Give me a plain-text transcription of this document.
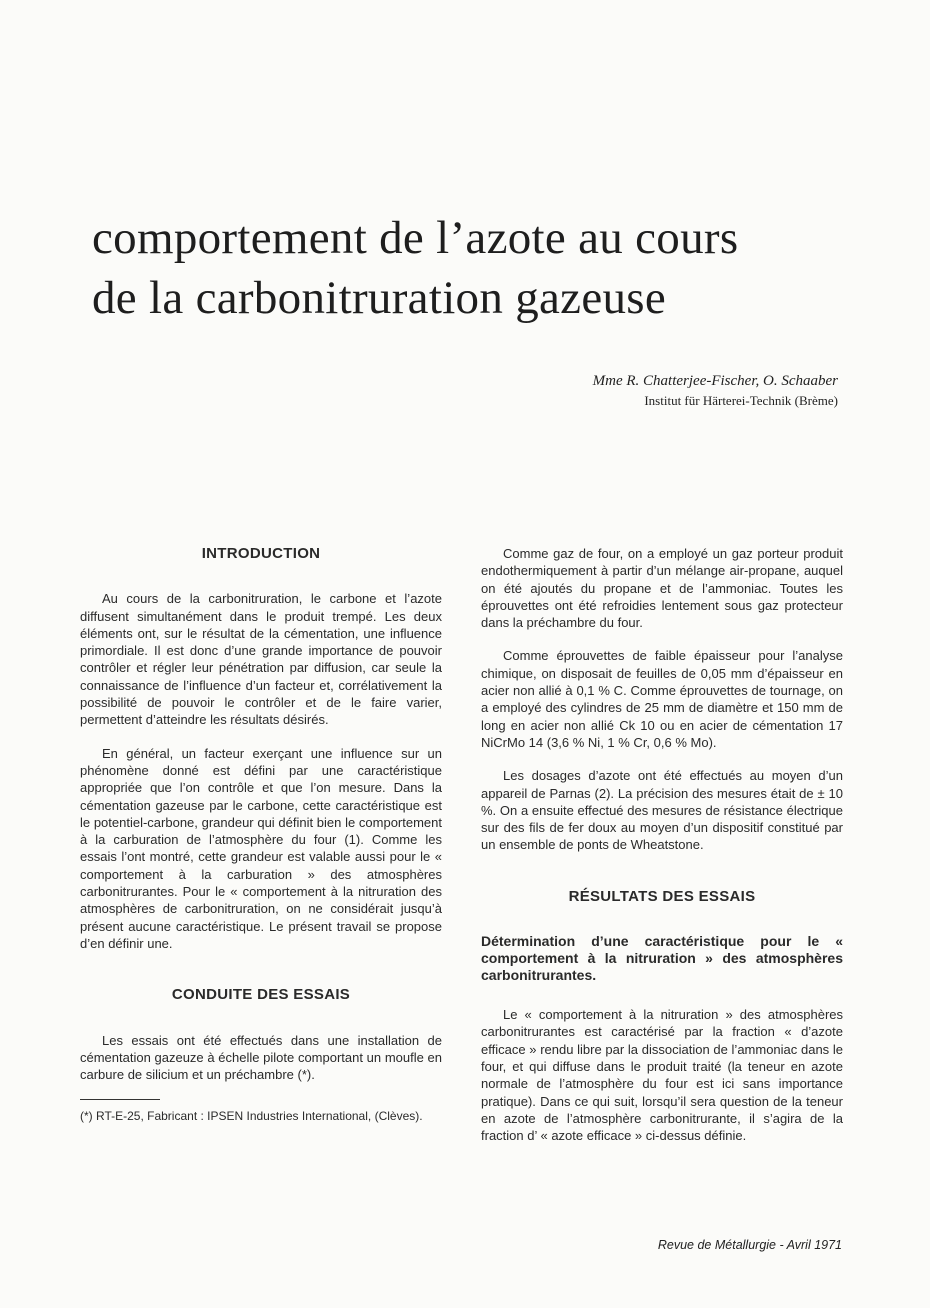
comportement de l’azote au cours
de la carbonitruration gazeuse
Mme R. Chatterjee-Fischer, O. Schaaber
Institut für Härterei-Technik (Brème)
INTRODUCTION

Au cours de la carbonitruration, le carbone et l’azote diffusent simultanément dans le produit trempé. Les deux éléments ont, sur le résultat de la cémentation, une influence primordiale. Il est donc d’une grande importance de pouvoir contrôler et régler leur pénétration par diffusion, car seule la connaissance de l’influence d’un facteur et, corrélativement la possibilité de pouvoir le contrôler et de le faire varier, permettent d’atteindre les résultats désirés.

En général, un facteur exerçant une influence sur un phénomène donné est défini par une caractéristique appropriée que l’on contrôle et que l’on mesure. Dans la cémentation gazeuse par le carbone, cette caractéristique est le potentiel-carbone, grandeur qui définit bien le comportement à la carburation de l’atmosphère du four (1). Comme les essais l’ont montré, cette grandeur est valable aussi pour le « comportement à la carburation » des atmosphères carbonitrurantes. Pour le « comportement à la nitruration des atmosphères de carbonitruration, on ne considérait jusqu’à présent aucune caractéristique. Le présent travail se propose d’en définir une.

CONDUITE DES ESSAIS

Les essais ont été effectués dans une installation de cémentation gazeuze à échelle pilote comportant un moufle en carbure de silicium et un préchambre (*).

(*) RT-E-25, Fabricant : IPSEN Industries International, (Clèves).

Comme gaz de four, on a employé un gaz porteur produit endothermiquement à partir d’un mélange air-propane, auquel on été ajoutés du propane et de l’ammoniac. Toutes les éprouvettes ont été refroidies lentement sous gaz protecteur dans la préchambre du four.

Comme éprouvettes de faible épaisseur pour l’analyse chimique, on disposait de feuilles de 0,05 mm d’épaisseur en acier non allié à 0,1 % C. Comme éprouvettes de tournage, on a employé des cylindres de 25 mm de diamètre et 150 mm de long en acier non allié Ck 10 ou en acier de cémentation 17 NiCrMo 14 (3,6 % Ni, 1 % Cr, 0,6 % Mo).

Les dosages d’azote ont été effectués au moyen d’un appareil de Parnas (2). La précision des mesures était de ± 10 %. On a ensuite effectué des mesures de résistance électrique sur des fils de fer doux au moyen d’un dispositif constitué par un ensemble de ponts de Wheatstone.

RÉSULTATS DES ESSAIS
Détermination d’une caractéristique pour le « comportement à la nitruration » des atmosphères carbonitrurantes.

Le « comportement à la nitruration » des atmosphères carbonitrurantes est caractérisé par la fraction « d’azote efficace » rendu libre par la dissociation de l’ammoniac dans le four, et qui diffuse dans le produit traité (la teneur en azote normale de l’atmosphère du four est ici sans importance pratique). Dans ce qui suit, lorsqu’il sera question de la teneur en azote de l’atmosphère carbonitrurante, il s’agira de la fraction d’ « azote efficace » ci-dessus définie.

Revue de Métallurgie - Avril 1971
